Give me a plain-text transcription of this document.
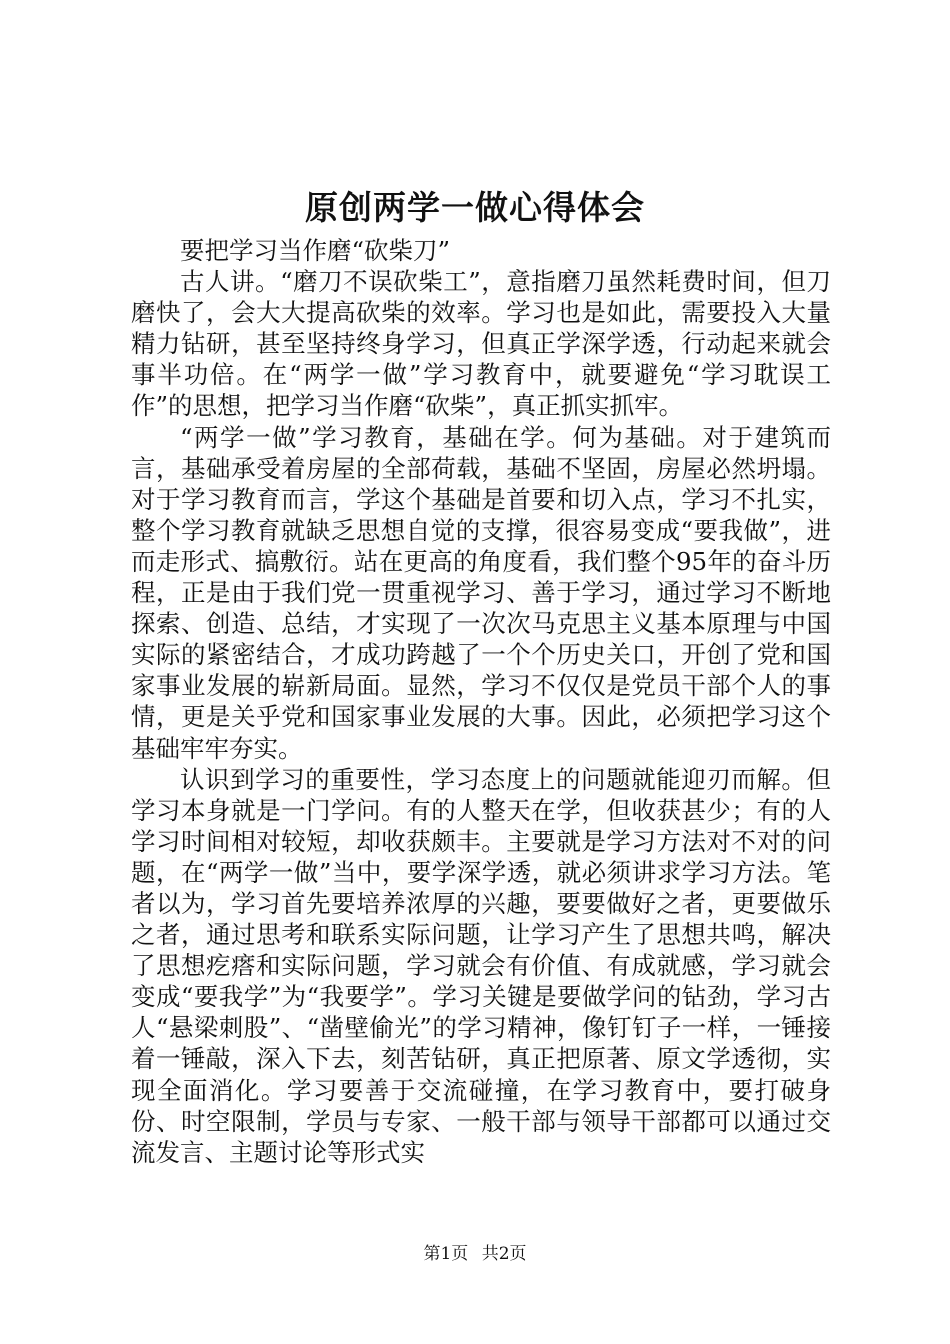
原创两学一做心得体会

要把学习当作磨“砍柴刀”

古人讲。“磨刀不误砍柴工”，意指磨刀虽然耗费时间，但刀磨快了，会大大提高砍柴的效率。学习也是如此，需要投入大量精力钻研，甚至坚持终身学习，但真正学深学透，行动起来就会事半功倍。在“两学一做”学习教育中，就要避免“学习耽误工作”的思想，把学习当作磨“砍柴”，真正抓实抓牢。

“两学一做”学习教育，基础在学。何为基础。对于建筑而言，基础承受着房屋的全部荷载，基础不坚固，房屋必然坍塌。对于学习教育而言，学这个基础是首要和切入点，学习不扎实，整个学习教育就缺乏思想自觉的支撑，很容易变成“要我做”，进而走形式、搞敷衍。站在更高的角度看，我们整个95年的奋斗历程，正是由于我们党一贯重视学习、善于学习，通过学习不断地探索、创造、总结，才实现了一次次马克思主义基本原理与中国实际的紧密结合，才成功跨越了一个个历史关口，开创了党和国家事业发展的崭新局面。显然，学习不仅仅是党员干部个人的事情，更是关乎党和国家事业发展的大事。因此，必须把学习这个基础牢牢夯实。

认识到学习的重要性，学习态度上的问题就能迎刃而解。但学习本身就是一门学问。有的人整天在学，但收获甚少；有的人学习时间相对较短，却收获颇丰。主要就是学习方法对不对的问题，在“两学一做”当中，要学深学透，就必须讲求学习方法。笔者以为，学习首先要培养浓厚的兴趣，要要做好之者，更要做乐之者，通过思考和联系实际问题，让学习产生了思想共鸣，解决了思想疙瘩和实际问题，学习就会有价值、有成就感，学习就会变成“要我学”为“我要学”。学习关键是要做学问的钻劲，学习古人“悬梁刺股”、“凿壁偷光”的学习精神，像钉钉子一样，一锤接着一锤敲，深入下去，刻苦钻研，真正把原著、原文学透彻，实现全面消化。学习要善于交流碰撞，在学习教育中，要打破身份、时空限制，学员与专家、一般干部与领导干部都可以通过交流发言、主题讨论等形式实

第1页 共2页
